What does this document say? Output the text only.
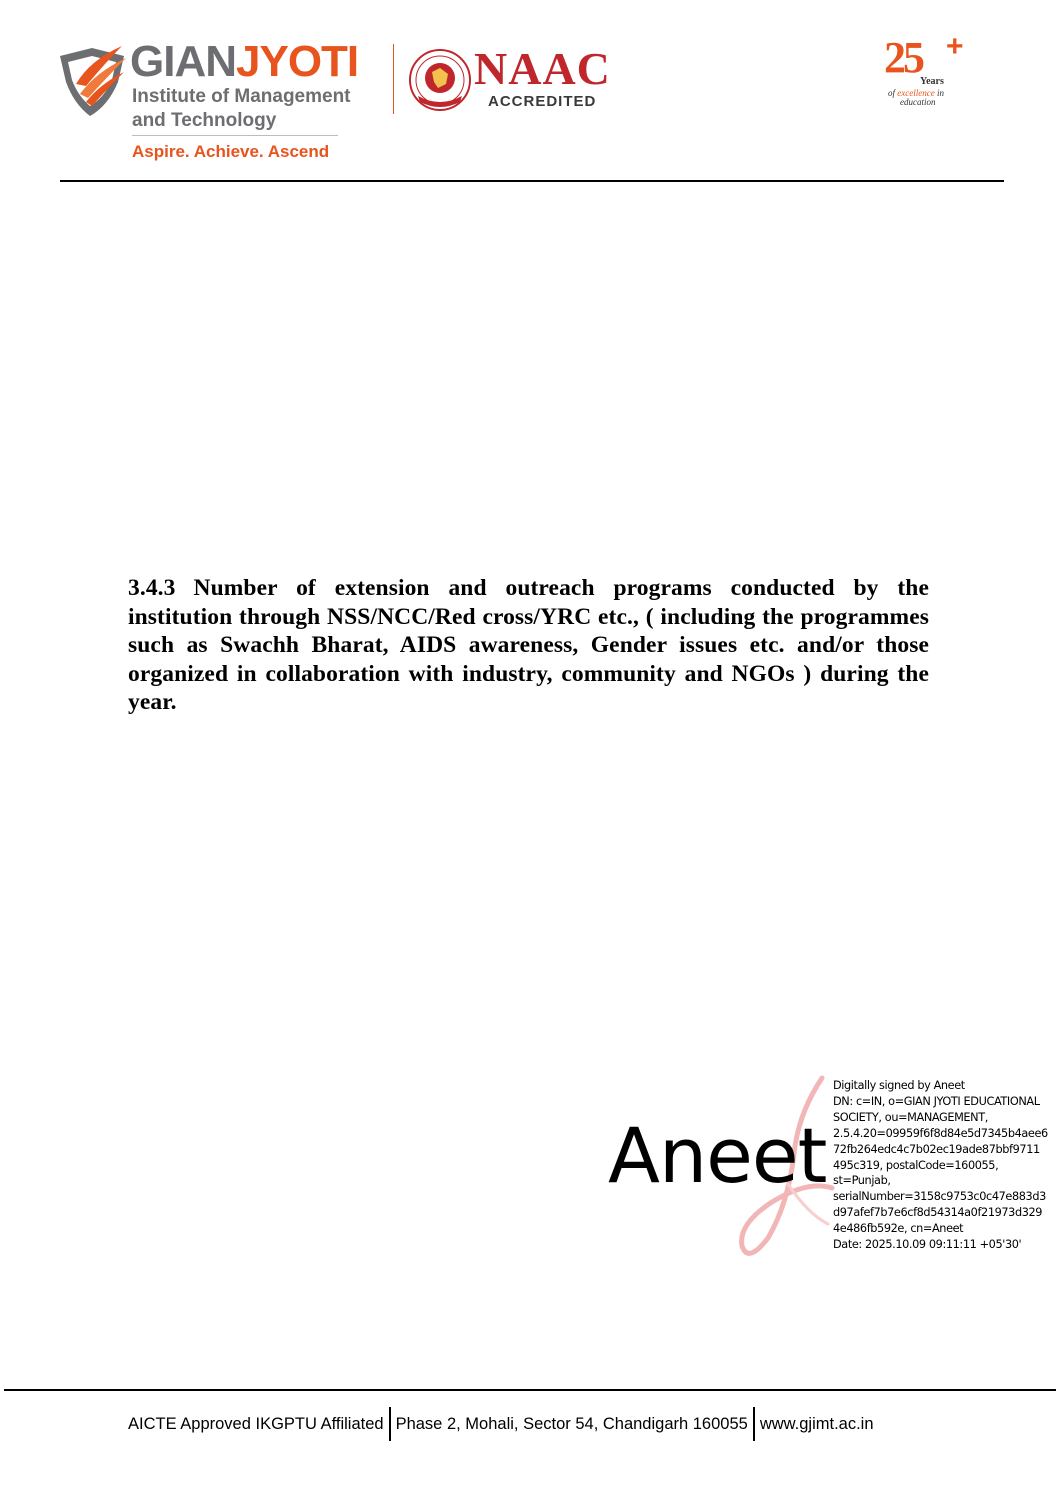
GIANJYOTI
Institute of Management
and Technology
Aspire. Achieve. Ascend
NAAC
ACCREDITED
25 +
Years
of excellence in
education
3.4.3 Number of extension and outreach programs conducted by the institution through NSS/NCC/Red cross/YRC etc., ( including the programmes such as Swachh Bharat, AIDS awareness, Gender issues etc. and/or those organized in collaboration with industry, community and NGOs ) during the year.
Aneet
Digitally signed by Aneet
DN: c=IN, o=GIAN JYOTI EDUCATIONAL
SOCIETY, ou=MANAGEMENT,
2.5.4.20=09959f6f8d84e5d7345b4aee6
72fb264edc4c7b02ec19ade87bbf9711
495c319, postalCode=160055,
st=Punjab,
serialNumber=3158c9753c0c47e883d3
d97afef7b7e6cf8d54314a0f21973d329
4e486fb592e, cn=Aneet
Date: 2025.10.09 09:11:11 +05'30'
AICTE Approved IKGPTU Affiliated Phase 2, Mohali, Sector 54, Chandigarh 160055 www.gjimt.ac.in
